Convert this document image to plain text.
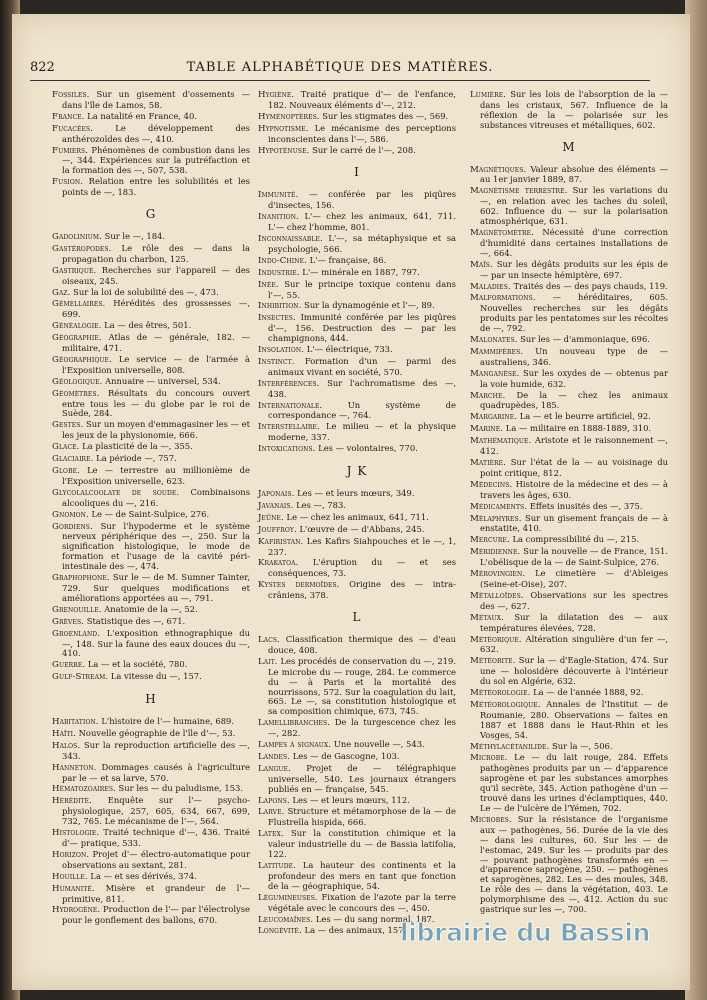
822	TABLE ALPHABÉTIQUE DES MATIÈRES.
Fossiles. Sur un gisement d'ossements — dans l'île de Lamos, 58.
France. La natalité en France, 40.
Fucacées.	Le développement des anthérozoïdes des —, 410.
Fumiers. Phénomènes de combustion dans les —, 344. Expériences sur la putréfaction et la formation des —, 507, 538.
Fusion. Relation entre les solubilités et les points de —, 183.
G
Gadolinium. Sur le —, 184.
Gastéropodes. Le rôle des — dans la propagation du charbon, 125.
Gastrique. Recherches sur l'appareil — des oiseaux, 245.
Gaz. Sur la loi de solubilité des —, 473.
Gémellaires. Hérédités des grossesses —, 699.
Généalogie. La — des êtres, 501.
Géographie. Atlas de — générale, 182. — militaire, 471.
Géographique. Le service — de l'armée à l'Exposition universelle, 808.
Géologique. Annuaire — universel, 534.
Géomètres. Résultats du concours ouvert entre tous les — du globe par le roi de Suède, 284.
Gestes. Sur un moyen d'emmagasiner les — et les jeux de la physionomie, 666.
Glace. La plasticité de la —, 355.
Glaciaire. La période —, 757.
Globe. Le — terrestre au millionième de l'Exposition universelle, 623.
Glycolalcoolate de soude. Combinaisons alcooliques du —, 216.
Gnomon. Le — de Saint-Sulpice, 276.
Gordiens. Sur l'hypoderme et le système nerveux périphérique des —, 250. Sur la signification histologique, le mode de formation et l'usage de la cavité péri-intestinale des —, 474.
Graphophone. Sur le — de M. Sumner Tainter, 729. Sur quelques modifications et améliorations apportées au —, 791.
Grenouille. Anatomie de la —, 52.
Grèves. Statistique des —, 671.
Groenland. L'exposition ethnographique du —, 148. Sur la faune des eaux douces du —, 410.
Guerre. La — et la société, 780.
Gulf-Stream. La vitesse du —, 157.
H
Habitation. L'histoire de l'— humaine, 689.
Haïti. Nouvelle géographie de l'île d'—, 53.
Halos. Sur la reproduction artificielle des —, 343.
Hanneton. Dommages causés à l'agriculture par le — et sa larve, 570.
Hématozoaires. Sur les — du paludisme, 153.
Hérédité. Enquête sur l'— psycho-physiologique, 257, 605, 634, 667, 699, 732, 765. Le mécanisme de l'—, 564.
Histologie. Traité technique d'—, 436. Traité d'— pratique, 533.
Horizon. Projet d'— électro-automatique pour observations au sextant, 281.
Houille. La — et ses dérivés, 374.
Humanité. Misère et grandeur de l'— primitive, 811.
Hydrogène. Production de l'— par l'électrolyse pour le gonflement des ballons, 670.
Hygiène. Traité pratique d'— de l'enfance, 182. Nouveaux éléments d'—, 212.
Hyménoptères. Sur les stigmates des —, 569.
Hypnotisme. Le mécanisme des perceptions inconscientes dans l'—, 586.
Hypoténuse. Sur le carré de l'—, 208.
I
Immunité. — conférée par les piqûres d'insectes, 156.
Inanition. L'— chez les animaux, 641, 711. L'— chez l'homme, 801.
Inconnaissable. L'—, sa métaphysique et sa psychologie, 566.
Indo-Chine. L'— française, 86.
Industrie. L'— minérale en 1887, 797.
Inée. Sur le principe toxique contenu dans l'—, 55.
Inhibition. Sur la dynamogénie et l'—, 89.
Insectes. Immunité conférée par les piqûres d'—, 156. Destruction des — par les champignons, 444.
Insolation. L'— électrique, 733.
Instinct. Formation d'un — parmi des animaux vivant en société, 570.
Interférences. Sur l'achromatisme des —, 438.
Internationale.	Un système de correspondance —, 764.
Interstellaire. Le milieu — et la physique moderne, 337.
Intoxications. Les — volontaires, 770.
J K
Japonais. Les — et leurs mœurs, 349.
Javanais. Les —, 783.
Jeûne. Le — chez les animaux, 641, 711.
Jouffroy. L'œuvre de — d'Abbans, 245.
Kafiristan. Les Kafirs Siahpouches et le —, 1, 237.
Krakatoa. L'éruption du — et ses conséquences, 73.
Kystes dermoïdes. Origine des — intra-crâniens, 378.
L
Lacs. Classification thermique des — d'eau douce, 408.
Lait. Les procédés de conservation du —, 219. Le microbe du — rouge, 284. Le commerce du — à Paris et la mortalité des nourrissons, 572. Sur la coagulation du lait, 665. Le —, sa constitution histologique et sa composition chimique, 673, 745.
Lamellibranches. De la turgescence chez les —, 282.
Lampes à signaux. Une nouvelle —, 543.
Landes. Les — de Gascogne, 103.
Langue. Projet de — télégraphique universelle, 540. Les journaux étrangers publiés en — française, 545.
Lapons. Les — et leurs mœurs, 112.
Larve. Structure et métamorphose de la — de Flustrella hispida, 666.
Latex. Sur la constitution chimique et la valeur industrielle du — de Bassia latifolia, 122.
Latitude. La hauteur des continents et la profondeur des mers en tant que fonction de la — géographique, 54.
Légumineuses. Fixation de l'azote par la terre végétale avec le concours des —, 450.
Leucomaïnes. Les — du sang normal, 187.
Longévité. La — des animaux, 157.
Lumière. Sur les lois de l'absorption de la — dans les cristaux, 567. Influence de la réflexion de la — polarisée sur les substances vitreuses et métalliques, 602.
M
Magnétiques. Valeur absolue des éléments — au 1er janvier 1889, 87.
Magnétisme terrestre. Sur les variations du —, en relation avec les taches du soleil, 602. Influence du — sur la polarisation atmosphérique, 631.
Magnétomètre. Nécessité d'une correction d'humidité dans certaines installations de —, 664.
Maïs. Sur les dégâts produits sur les épis de — par un insecte hémiptère, 697.
Maladies. Traités des — des pays chauds, 119.
Malformations. — héréditaires, 605. Nouvelles recherches sur les dégâts produits par les pentatomes sur les récoltes de —, 792.
Malonates. Sur les — d'ammoniaque, 696.
Mammifères. Un nouveau type de — australiens, 346.
Manganèse. Sur les oxydes de — obtenus par la voie humide, 632.
Marche. De la — chez les animaux quadrupèdes, 185.
Margarine. La — et le beurre artificiel, 92.
Marine. La — militaire en 1888-1889, 310.
Mathématique. Aristote et le raisonnement —, 412.
Matière. Sur l'état de la — au voisinage du point critique, 812.
Médecins. Histoire de la médecine et des — à travers les âges, 630.
Médicaments. Effets inusités des —, 375.
Mélaphyres. Sur un gisement français de — à enstatite, 410.
Mercure. La compressibilité du —, 215.
Méridienne. Sur la nouvelle — de France, 151. L'obélisque de la — de Saint-Sulpice, 276.
Mérovingien. Le cimetière — d'Ableiges (Seine-et-Oise), 207.
Métalloïdes. Observations sur les spectres des —, 627.
Métaux. Sur la dilatation des — aux températures élevées, 728.
Météorique. Altération singulière d'un fer —, 632.
Météorite. Sur la — d'Eagle-Station, 474. Sur une — holosidère découverte à l'intérieur du sol en Algérie, 632.
Météorologie. La — de l'année 1888, 92.
Météorologique. Annales de l'Institut — de Roumanie, 280. Observations — faites en 1887 et 1888 dans le Haut-Rhin et les Vosges, 54.
Méthylacétanilide. Sur la —, 506.
Microbe. Le — du lait rouge, 284. Effets pathogènes produits par un — d'apparence saprogène et par les substances amorphes qu'il secrète, 345. Action pathogène d'un — trouvé dans les urines d'éclamptiques, 440. Le — de l'ulcère de l'Yémen, 702.
Microbes. Sur la résistance de l'organisme aux — pathogènes, 56. Durée de la vie des — dans les cultures, 60. Sur les — de l'estomac, 249. Sur les — produits par des — pouvant pathogènes transformés en — d'apparence saprogène, 250. — pathogènes et saprogènes, 282. Les — des moules, 348. Le rôle des — dans la végétation, 403. Le polymorphisme des —, 412. Action du suc gastrique sur les —, 700.
librairie du Bassin
